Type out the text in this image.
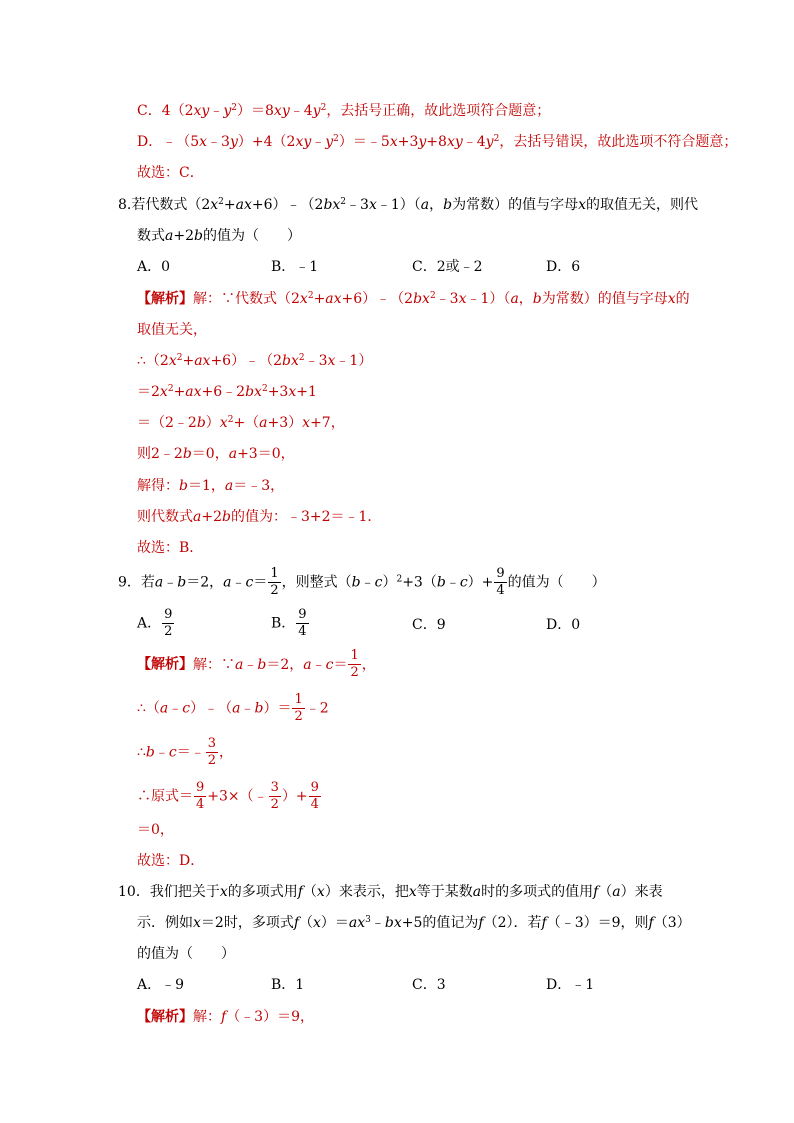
C．$4(2xy﹣y^2)=8xy﹣4y^2$，去括号正确，故此选项符合题意；
D．$﹣(5x﹣3y)+4(2xy﹣y^2)=﹣5x+3y+8xy﹣4y^2$，去括号错误，故此选项不符合题意；
故选：C．
8.若代数式$(2x^2+ax+6)﹣(2bx^2﹣3x﹣1)(a$，b为常数）的值与字母x的取值无关，则代
数式a+2b的值为（　　）
A．0	B．﹣1	C．2或﹣2	D．6
【解析】解：∵代数式$(2x^2+ax+6)﹣(2bx^2﹣3x﹣1)(a$，b为常数）的值与字母x的
取值无关，
$\therefore(2x^2+ax+6)﹣(2bx^2﹣3x﹣1)$
$=2x^2+ax+6﹣2bx^2+3x+1$
$=(2﹣2b)x^2+(a+3)x+7$，
则2﹣2b＝0，a+3＝0，
解得：b＝1，a＝﹣3，
则代数式a+2b的值为：﹣3+2＝﹣1．
故选：B．
9．若a﹣b＝2，a﹣c＝ $\frac{1}{2}$ ，则整式（b﹣c）$^2$+3（b﹣c）+ $\frac{9}{4}$ 的值为（　　）
A． $\frac{9}{2}$	B． $\frac{9}{4}$	C．9	D．0
【解析】解：∵a﹣b＝2，a﹣c＝ $\frac{1}{2}$ ，
∴（a﹣c）﹣（a﹣b）＝ $\frac{1}{2}$ ﹣2
∴b﹣c＝﹣ $\frac{3}{2}$ ，
∴原式＝ $\frac{9}{4}$ +3×（﹣ $\frac{3}{2}$ ）+ $\frac{9}{4}$
＝0，
故选：D．
10．我们把关于x的多项式用f（x）来表示，把x等于某数a时的多项式的值用f（a）来表
示．例如x＝2时，多项式$f(x)=ax^3﹣bx+5$的值记为f（2）．若f（﹣3）＝9，则f（3）
的值为（　　）
A．﹣9	B．1	C．3	D．﹣1
【解析】解：f（﹣3）＝9，
